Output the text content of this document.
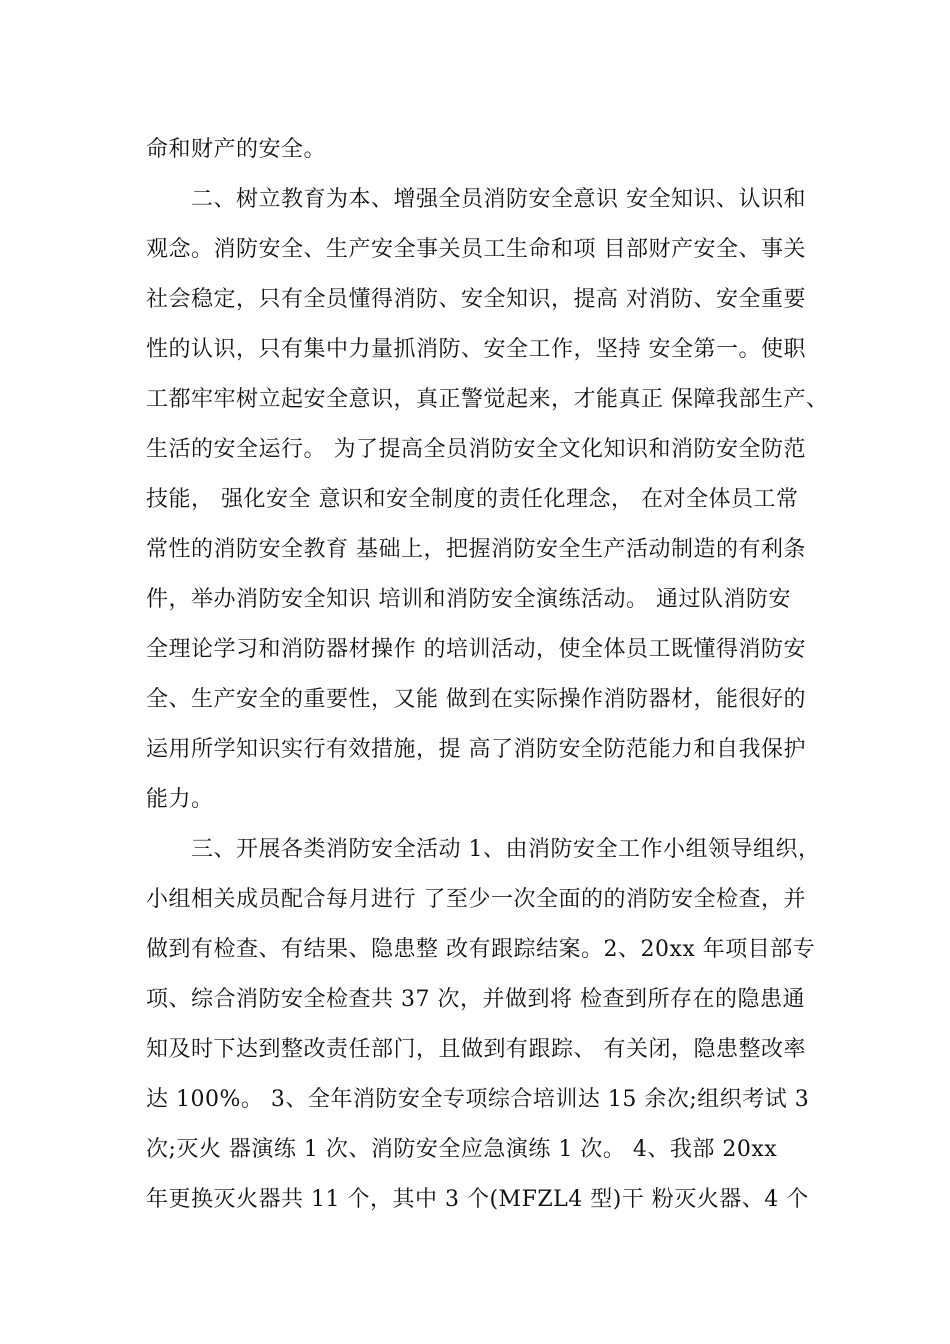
命和财产的安全。
　　二、树立教育为本、增强全员消防安全意识 安全知识、认识和
观念。消防安全、生产安全事关员工生命和项 目部财产安全、事关
社会稳定，只有全员懂得消防、安全知识，提高 对消防、安全重要
性的认识，只有集中力量抓消防、安全工作，坚持 安全第一。使职
工都牢牢树立起安全意识，真正警觉起来，才能真正 保障我部生产、
生活的安全运行。 为了提高全员消防安全文化知识和消防安全防范
技能， 强化安全 意识和安全制度的责任化理念， 在对全体员工常
常性的消防安全教育 基础上，把握消防安全生产活动制造的有利条
件，举办消防安全知识 培训和消防安全演练活动。 通过队消防安
全理论学习和消防器材操作 的培训活动，使全体员工既懂得消防安
全、生产安全的重要性，又能 做到在实际操作消防器材，能很好的
运用所学知识实行有效措施，提 高了消防安全防范能力和自我保护
能力。
　　三、开展各类消防安全活动 1、由消防安全工作小组领导组织，
小组相关成员配合每月进行 了至少一次全面的的消防安全检查，并
做到有检查、有结果、隐患整 改有跟踪结案。2、20xx 年项目部专
项、综合消防安全检查共 37 次，并做到将 检查到所存在的隐患通
知及时下达到整改责任部门，且做到有跟踪、 有关闭，隐患整改率
达 100%。 3、全年消防安全专项综合培训达 15 余次;组织考试 3
次;灭火 器演练 1 次、消防安全应急演练 1 次。 4、我部 20xx
年更换灭火器共 11 个，其中 3 个(MFZL4 型)干 粉灭火器、4 个
